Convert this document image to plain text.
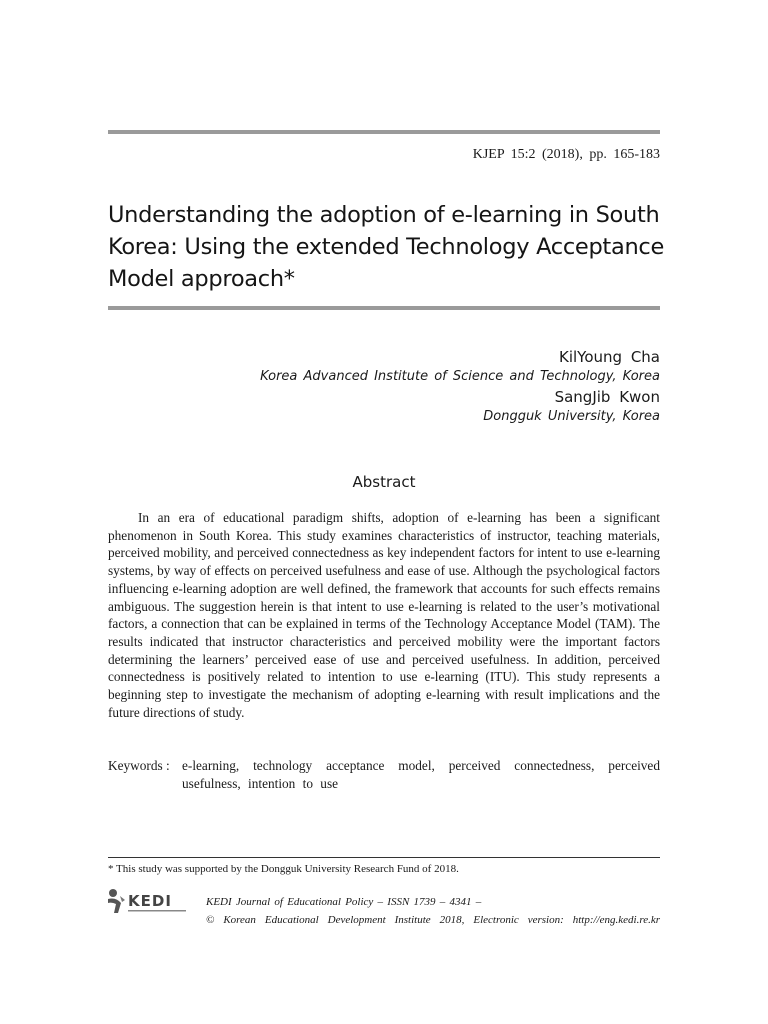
KJEP 15:2 (2018), pp. 165-183
Understanding the adoption of e-learning in South Korea: Using the extended Technology Acceptance Model approach*
KilYoung Cha
Korea Advanced Institute of Science and Technology, Korea
SangJib Kwon
Dongguk University, Korea
Abstract

In an era of educational paradigm shifts, adoption of e-learning has been a significant phenomenon in South Korea. This study examines characteristics of instructor, teaching materials, perceived mobility, and perceived connectedness as key independent factors for intent to use e-learning systems, by way of effects on perceived usefulness and ease of use. Although the psychological factors influencing e-learning adoption are well defined, the framework that accounts for such effects remains ambiguous. The suggestion herein is that intent to use e-learning is related to the user’s motivational factors, a connection that can be explained in terms of the Technology Acceptance Model (TAM). The results indicated that instructor characteristics and perceived mobility were the important factors determining the learners’ perceived ease of use and perceived usefulness. In addition, perceived connectedness is positively related to intention to use e-learning (ITU). This study represents a beginning step to investigate the mechanism of adopting e-learning with result implications and the future directions of study.

Keywords : e-learning, technology acceptance model, perceived connectedness, perceived usefulness, intention to use
* This study was supported by the Dongguk University Research Fund of 2018.
KEDI	KEDI Journal of Educational Policy – ISSN 1739 – 4341 –
© Korean Educational Development Institute 2018, Electronic version: http://eng.kedi.re.kr
